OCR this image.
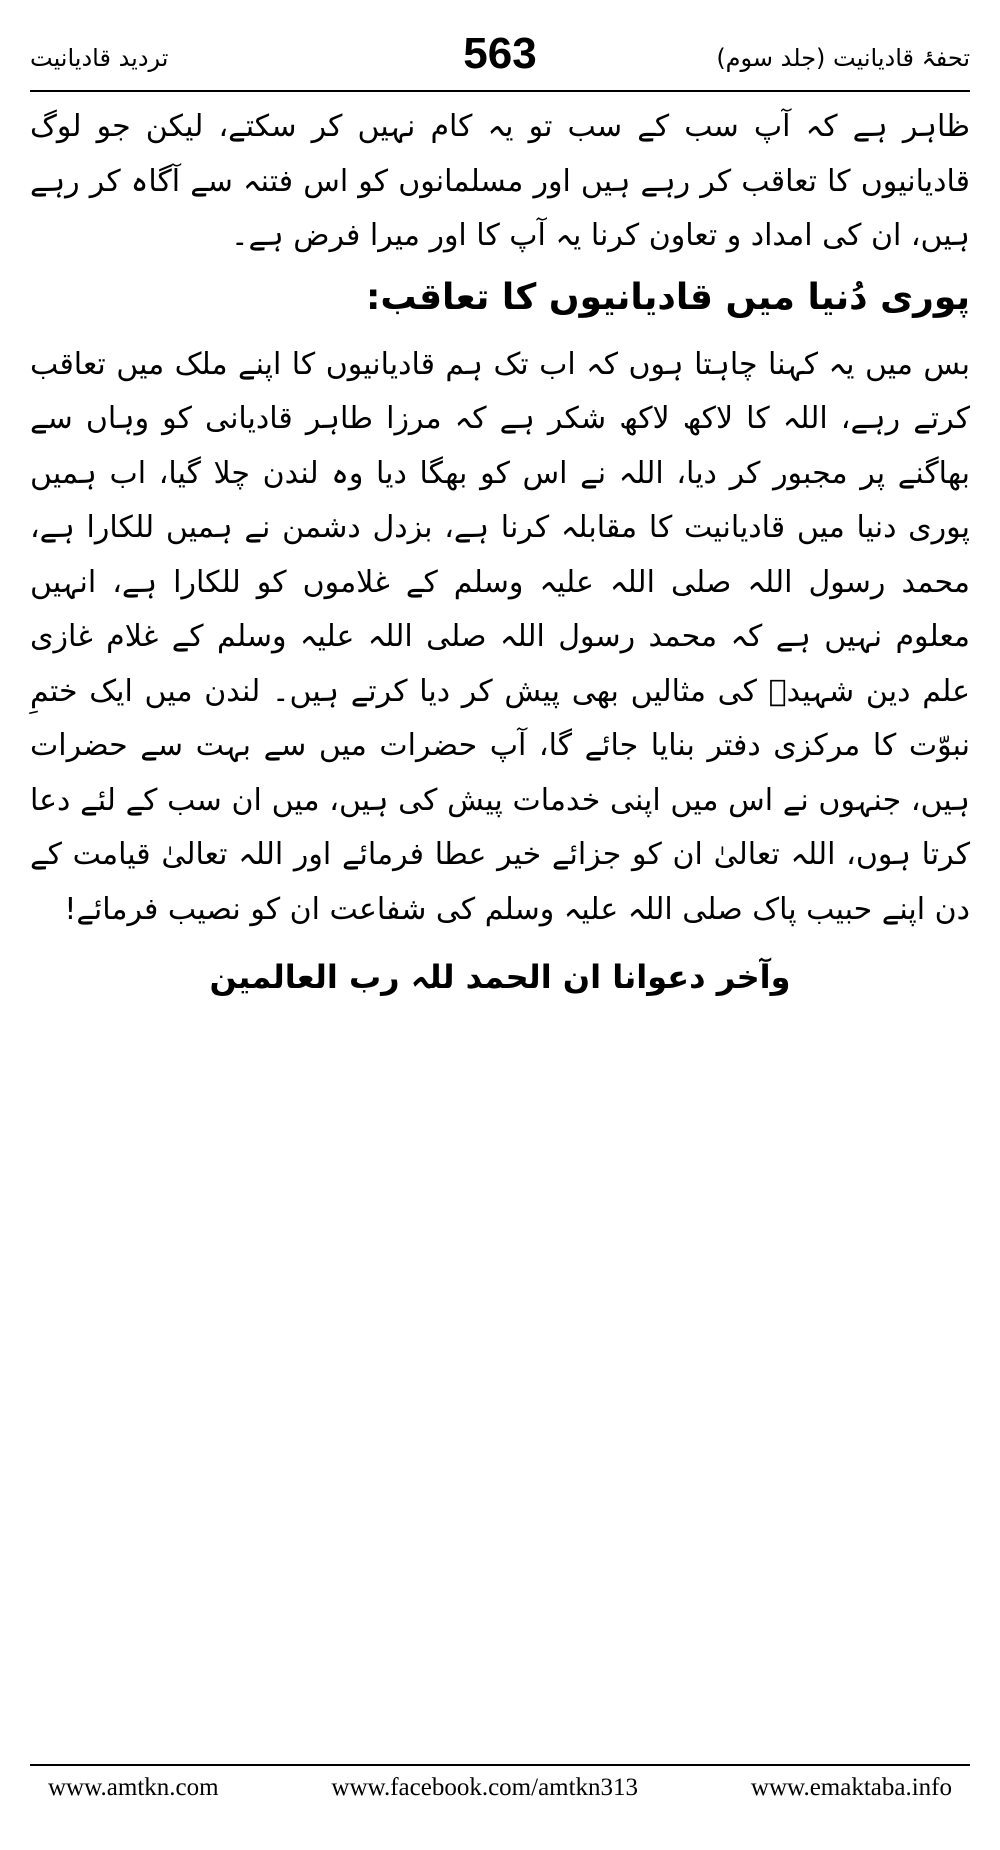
تردید قادیانیت	563	تحفۂ قادیانیت (جلد سوم)

ظاہر ہے کہ آپ سب کے سب تو یہ کام نہیں کر سکتے، لیکن جو لوگ قادیانیوں کا تعاقب کر رہے ہیں اور مسلمانوں کو اس فتنہ سے آگاہ کر رہے ہیں، ان کی امداد و تعاون کرنا یہ آپ کا اور میرا فرض ہے۔

پوری دُنیا میں قادیانیوں کا تعاقب:

بس میں یہ کہنا چاہتا ہوں کہ اب تک ہم قادیانیوں کا اپنے ملک میں تعاقب کرتے رہے، اللہ کا لاکھ لاکھ شکر ہے کہ مرزا طاہر قادیانی کو وہاں سے بھاگنے پر مجبور کر دیا، اللہ نے اس کو بھگا دیا وہ لندن چلا گیا، اب ہمیں پوری دنیا میں قادیانیت کا مقابلہ کرنا ہے، بزدل دشمن نے ہمیں للکارا ہے، محمد رسول اللہ صلی اللہ علیہ وسلم کے غلاموں کو للکارا ہے، انہیں معلوم نہیں ہے کہ محمد رسول اللہ صلی اللہ علیہ وسلم کے غلام غازی علم دین شہیدؒ کی مثالیں بھی پیش کر دیا کرتے ہیں۔ لندن میں ایک ختمِ نبوّت کا مرکزی دفتر بنایا جائے گا، آپ حضرات میں سے بہت سے حضرات ہیں، جنہوں نے اس میں اپنی خدمات پیش کی ہیں، میں ان سب کے لئے دعا کرتا ہوں، اللہ تعالیٰ ان کو جزائے خیر عطا فرمائے اور اللہ تعالیٰ قیامت کے دن اپنے حبیب پاک صلی اللہ علیہ وسلم کی شفاعت ان کو نصیب فرمائے!

وآخر دعوانا ان الحمد للہ رب العالمین

www.amtkn.com	www.facebook.com/amtkn313	www.emaktaba.info
